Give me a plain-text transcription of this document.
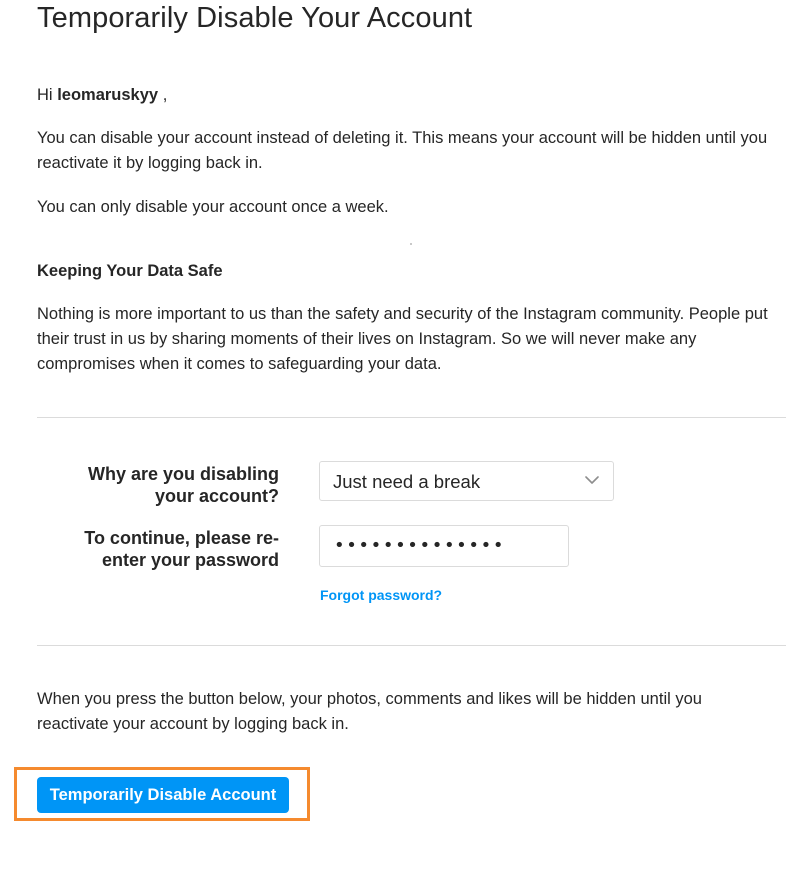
Temporarily Disable Your Account

Hi leomaruskyy ,

You can disable your account instead of deleting it. This means your account will be hidden until you reactivate it by logging back in.

You can only disable your account once a week.

Keeping Your Data Safe

Nothing is more important to us than the safety and security of the Instagram community. People put their trust in us by sharing moments of their lives on Instagram. So we will never make any compromises when it comes to safeguarding your data.

Why are you disabling your account?

Just need a break

To continue, please re-enter your password

••••••••••••••
Forgot password?

When you press the button below, your photos, comments and likes will be hidden until you reactivate your account by logging back in.

Temporarily Disable Account
